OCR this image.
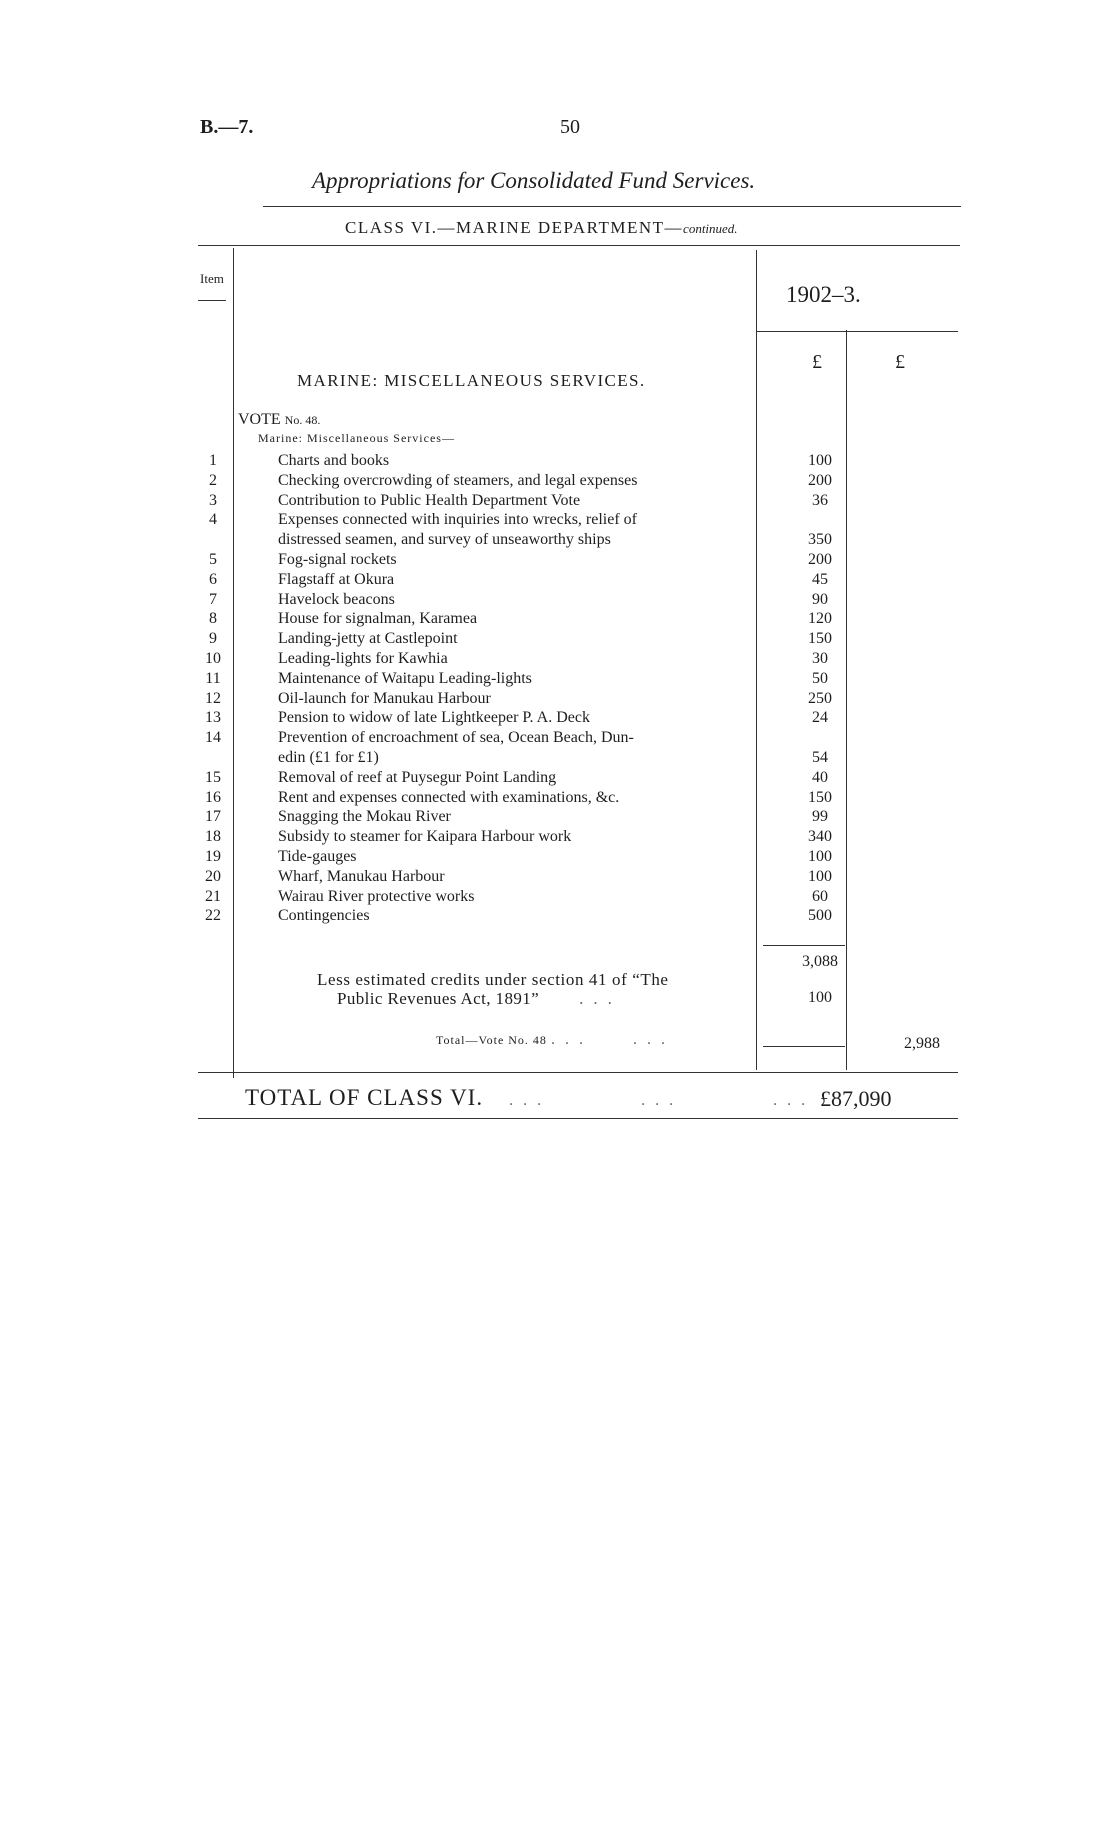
B.—7.	50
Appropriations for Consolidated Fund Services.
CLASS VI.—MARINE DEPARTMENT—continued.
Item
1902–3.
£	£
MARINE: MISCELLANEOUS SERVICES.
VOTE No. 48.
Marine: Miscellaneous Services—
1	Charts and books	100
2	Checking overcrowding of steamers, and legal expenses	200
3	Contribution to Public Health Department Vote	36
4	Expenses connected with inquiries into wrecks, relief of
distressed seamen, and survey of unseaworthy ships	350
5	Fog-signal rockets	200
6	Flagstaff at Okura	45
7	Havelock beacons	90
8	House for signalman, Karamea	120
9	Landing-jetty at Castlepoint	150
10	Leading-lights for Kawhia	30
11	Maintenance of Waitapu Leading-lights	50
12	Oil-launch for Manukau Harbour	250
13	Pension to widow of late Lightkeeper P. A. Deck	24
14	Prevention of encroachment of sea, Ocean Beach, Dun-
edin (£1 for £1)	54
15	Removal of reef at Puysegur Point Landing	40
16	Rent and expenses connected with examinations, &c.	150
17	Snagging the Mokau River	99
18	Subsidy to steamer for Kaipara Harbour work	340
19	Tide-gauges	100
20	Wharf, Manukau Harbour	100
21	Wairau River protective works	60
22	Contingencies	500
3,088
Less estimated credits under section 41 of “The
Public Revenues Act, 1891” ...	100
Total—Vote No. 48 ...	...	2,988
TOTAL OF CLASS VI. ...	...	... £87,090
